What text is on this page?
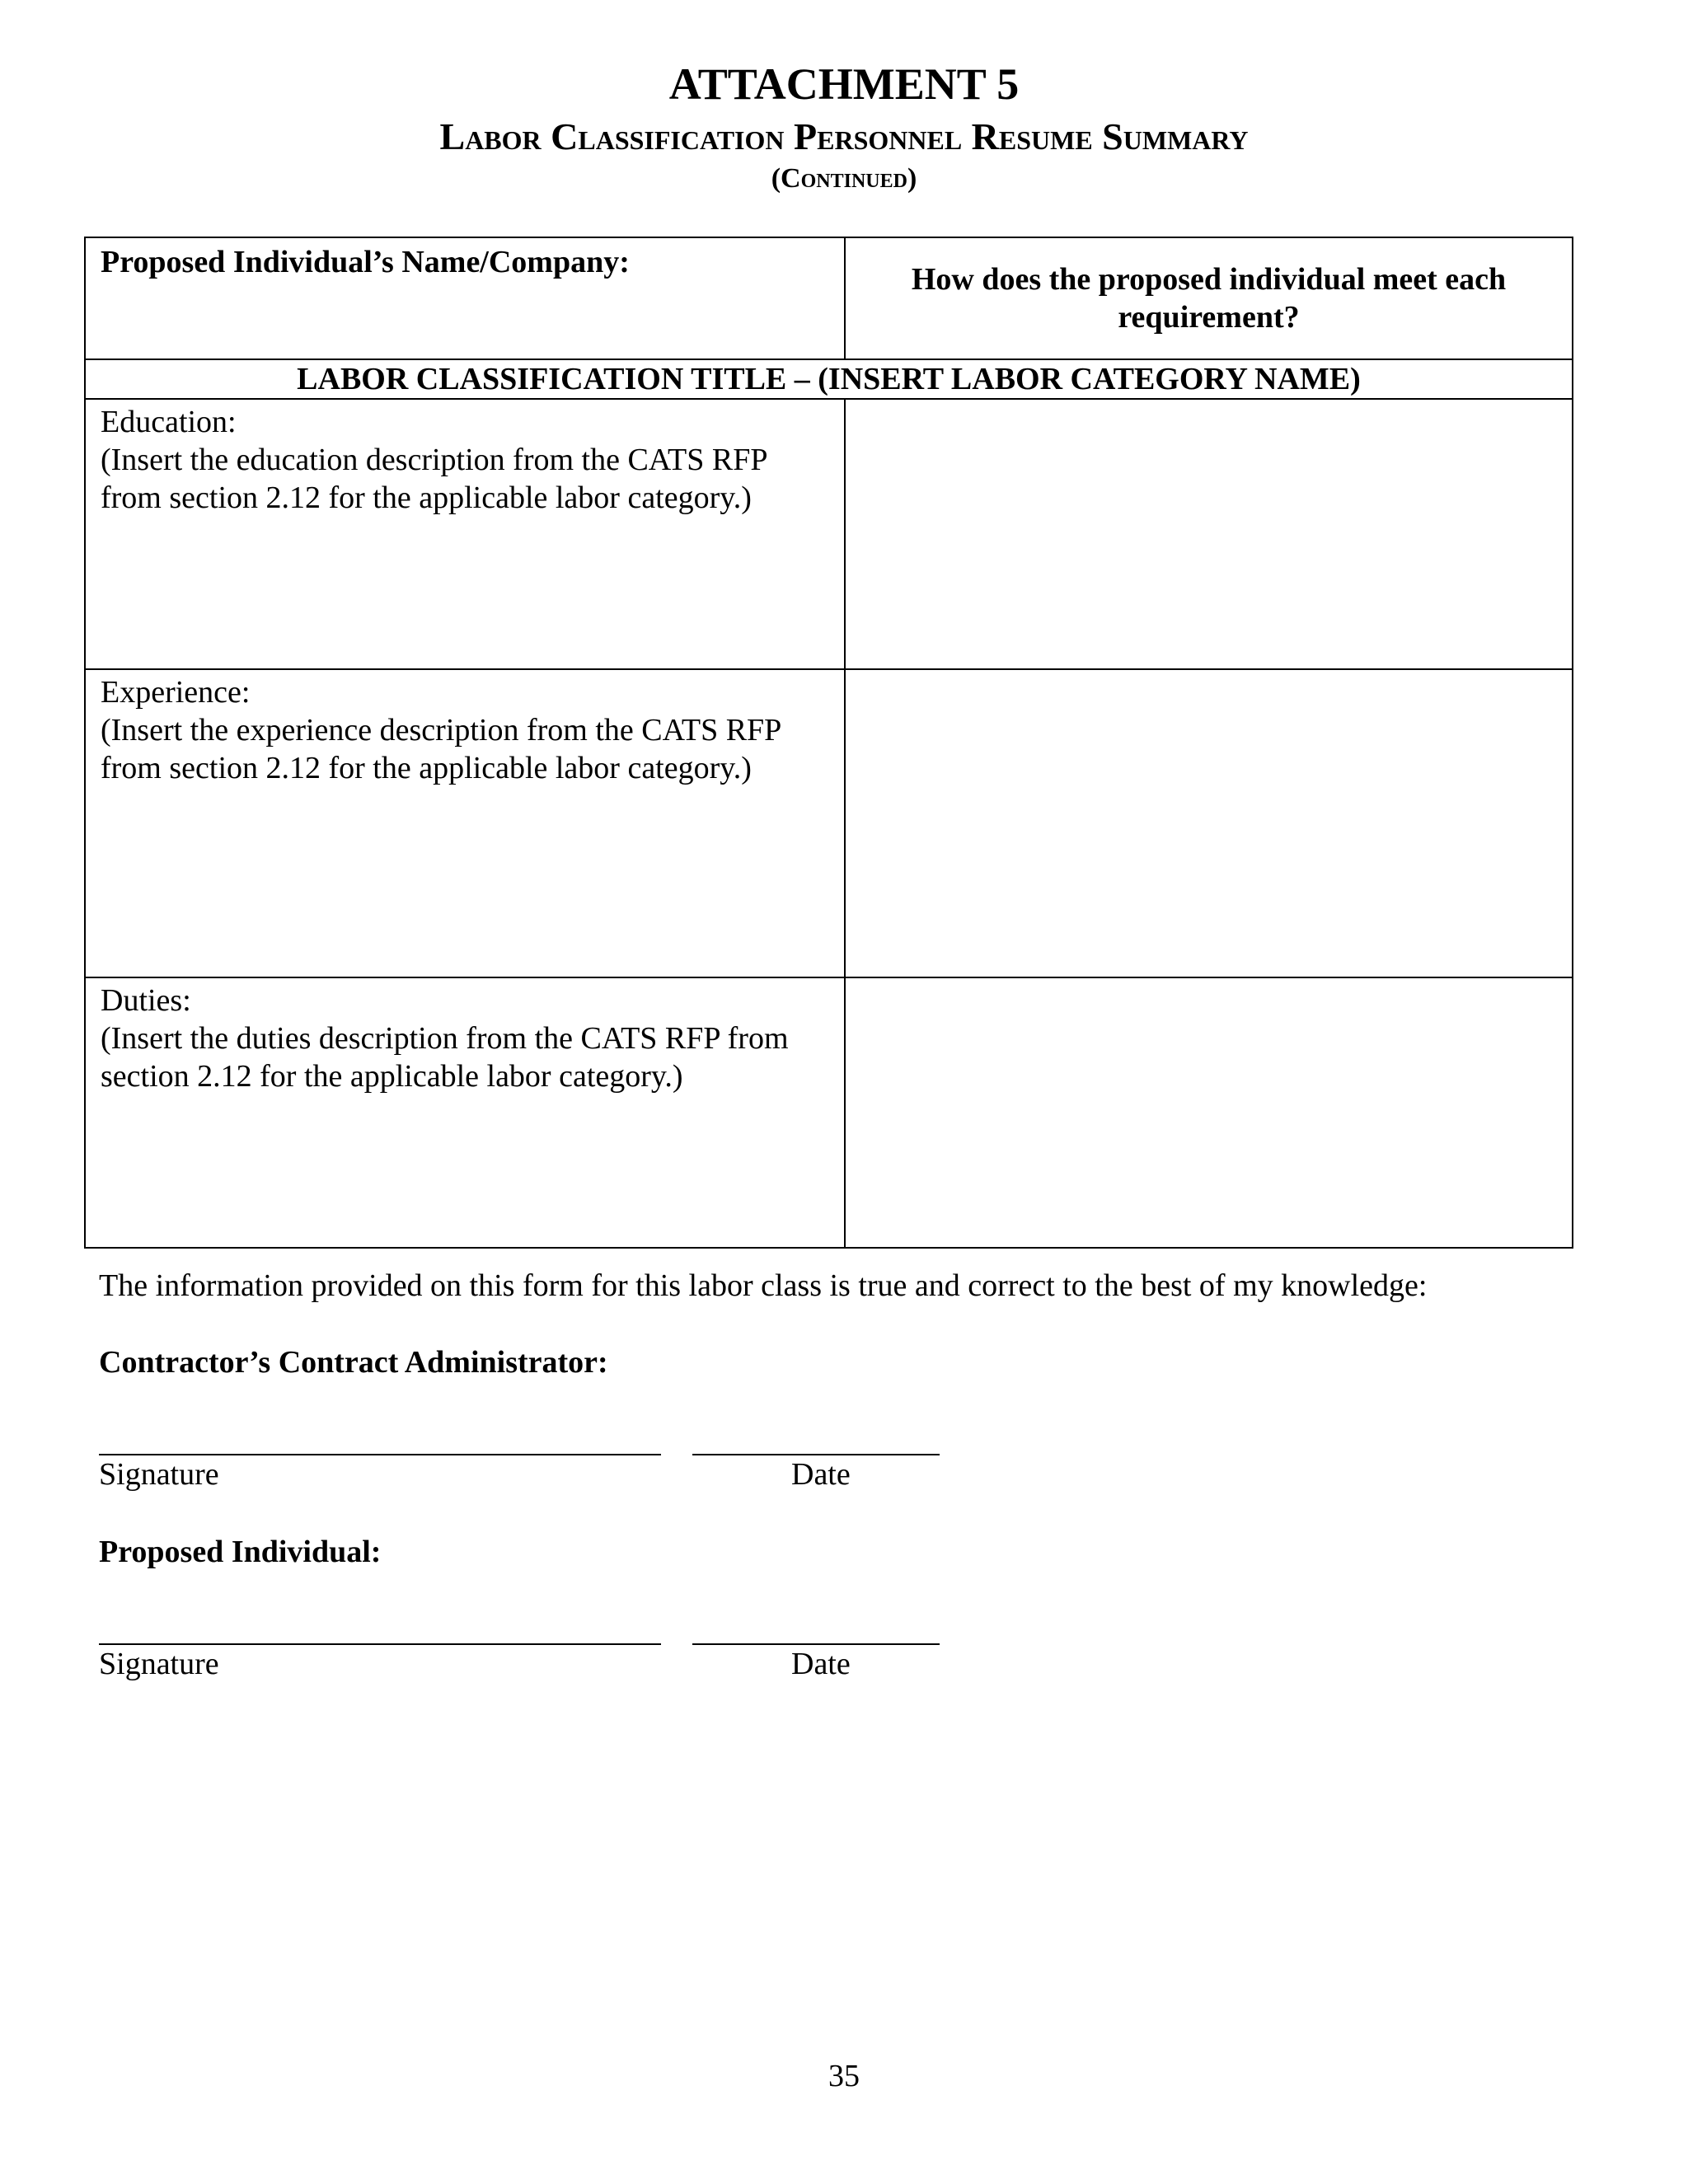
ATTACHMENT 5

Labor Classification Personnel Resume Summary

(Continued)

Proposed Individual’s Name/Company:	How does the proposed individual meet each requirement?
LABOR CLASSIFICATION TITLE – (INSERT LABOR CATEGORY NAME)	

Education:
(Insert the education description from the CATS RFP from section 2.12 for the applicable labor category.)	

Experience:
(Insert the experience description from the CATS RFP from section 2.12 for the applicable labor category.)	

Duties:
(Insert the duties description from the CATS RFP from section 2.12 for the applicable labor category.)	

The information provided on this form for this labor class is true and correct to the best of my knowledge:
Contractor’s Contract Administrator:
Signature	Date
Proposed Individual:
Signature	Date
35
